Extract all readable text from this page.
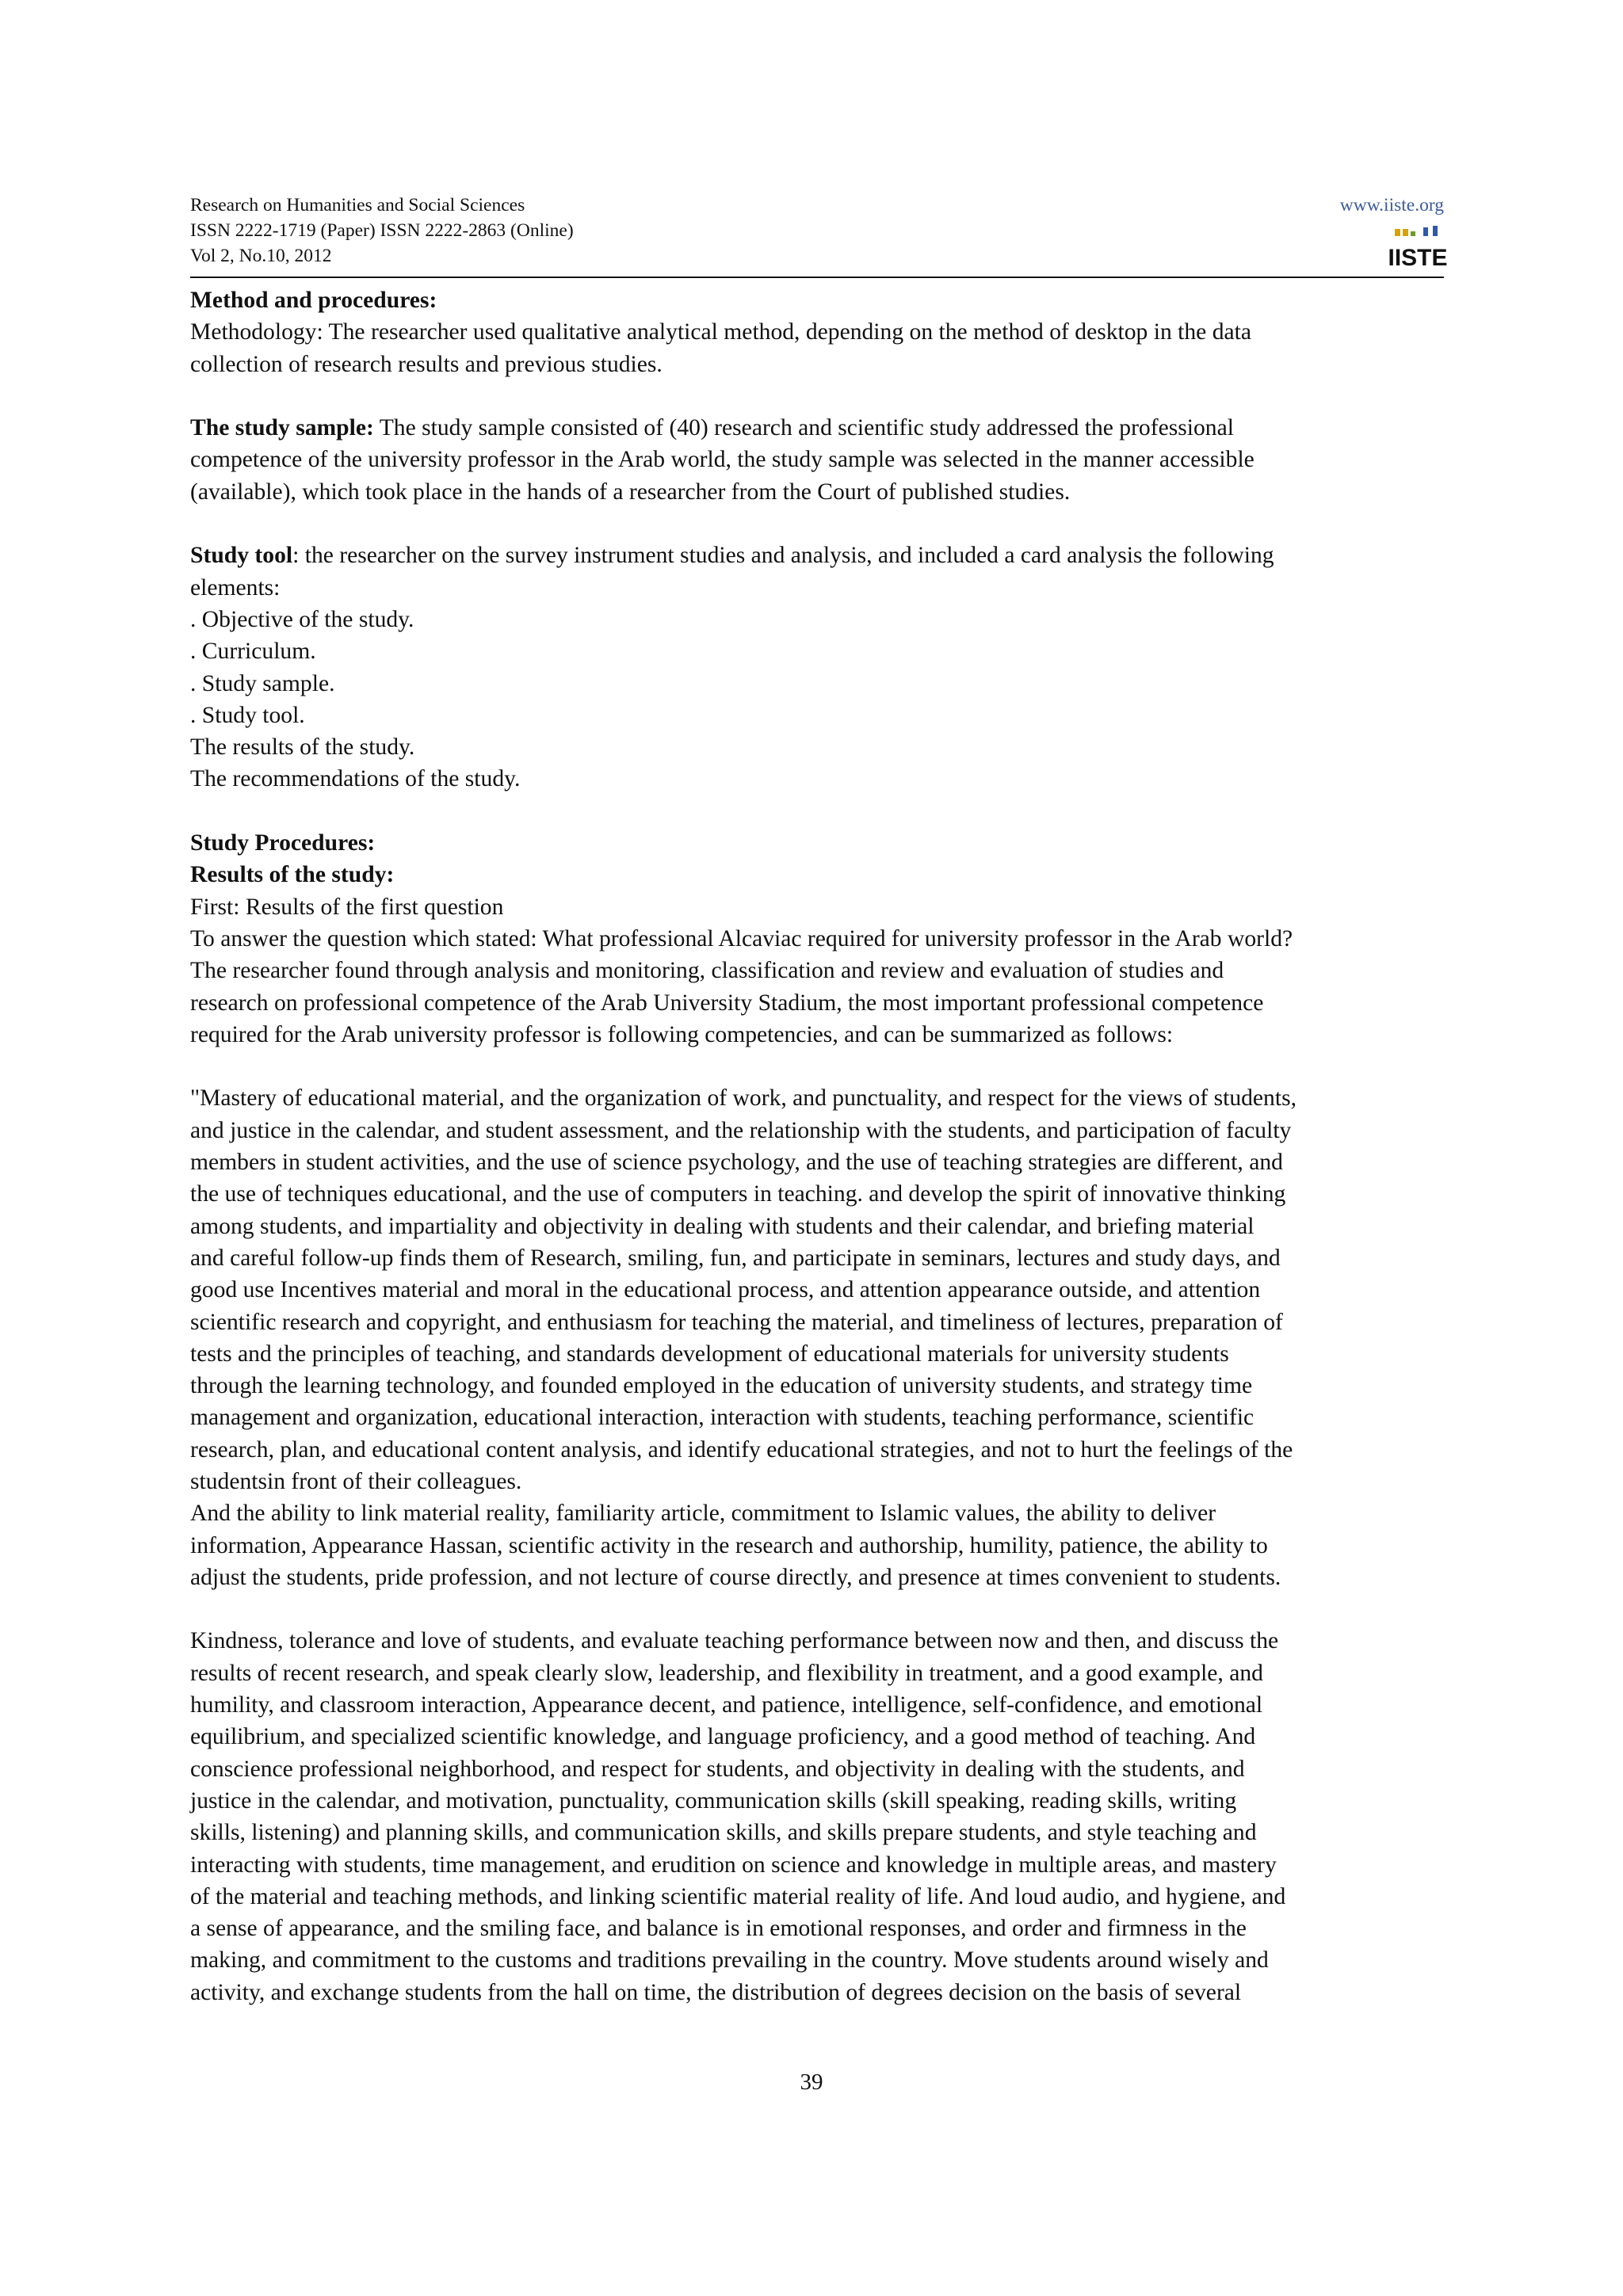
Research on Humanities and Social Sciences
ISSN 2222-1719 (Paper) ISSN 2222-2863 (Online)
Vol 2, No.10, 2012
www.iiste.org
IISTE

Method and procedures:

Methodology: The researcher used qualitative analytical method, depending on the method of desktop in the data

collection of research results and previous studies.

The study sample: The study sample consisted of (40) research and scientific study addressed the professional

competence of the university professor in the Arab world, the study sample was selected in the manner accessible

(available), which took place in the hands of a researcher from the Court of published studies.

Study tool: the researcher on the survey instrument studies and analysis, and included a card analysis the following

elements:

. Objective of the study.

. Curriculum.

. Study sample.

. Study tool.

The results of the study.

The recommendations of the study.

Study Procedures:

Results of the study:

First: Results of the first question

To answer the question which stated: What professional Alcaviac required for university professor in the Arab world?

The researcher found through analysis and monitoring, classification and review and evaluation of studies and

research on professional competence of the Arab University Stadium, the most important professional competence

required for the Arab university professor is following competencies, and can be summarized as follows:

"Mastery of educational material, and the organization of work, and punctuality, and respect for the views of students,

and justice in the calendar, and student assessment, and the relationship with the students, and participation of faculty

members in student activities, and the use of science psychology, and the use of teaching strategies are different, and

the use of techniques educational, and the use of computers in teaching. and develop the spirit of innovative thinking

among students, and impartiality and objectivity in dealing with students and their calendar, and briefing material

and careful follow-up finds them of Research, smiling, fun, and participate in seminars, lectures and study days, and

good use Incentives material and moral in the educational process, and attention appearance outside, and attention

scientific research and copyright, and enthusiasm for teaching the material, and timeliness of lectures, preparation of

tests and the principles of teaching, and standards development of educational materials for university students

through the learning technology, and founded employed in the education of university students, and strategy time

management and organization, educational interaction, interaction with students, teaching performance, scientific

research, plan, and educational content analysis, and identify educational strategies, and not to hurt the feelings of the

studentsin front of their colleagues.

And the ability to link material reality, familiarity article, commitment to Islamic values, the ability to deliver

information, Appearance Hassan, scientific activity in the research and authorship, humility, patience, the ability to

adjust the students, pride profession, and not lecture of course directly, and presence at times convenient to students.

Kindness, tolerance and love of students, and evaluate teaching performance between now and then, and discuss the

results of recent research, and speak clearly slow, leadership, and flexibility in treatment, and a good example, and

humility, and classroom interaction, Appearance decent, and patience, intelligence, self-confidence, and emotional

equilibrium, and specialized scientific knowledge, and language proficiency, and a good method of teaching. And

conscience professional neighborhood, and respect for students, and objectivity in dealing with the students, and

justice in the calendar, and motivation, punctuality, communication skills (skill speaking, reading skills, writing

skills, listening) and planning skills, and communication skills, and skills prepare students, and style teaching and

interacting with students, time management, and erudition on science and knowledge in multiple areas, and mastery

of the material and teaching methods, and linking scientific material reality of life. And loud audio, and hygiene, and

a sense of appearance, and the smiling face, and balance is in emotional responses, and order and firmness in the

making, and commitment to the customs and traditions prevailing in the country. Move students around wisely and

activity, and exchange students from the hall on time, the distribution of degrees decision on the basis of several

39
